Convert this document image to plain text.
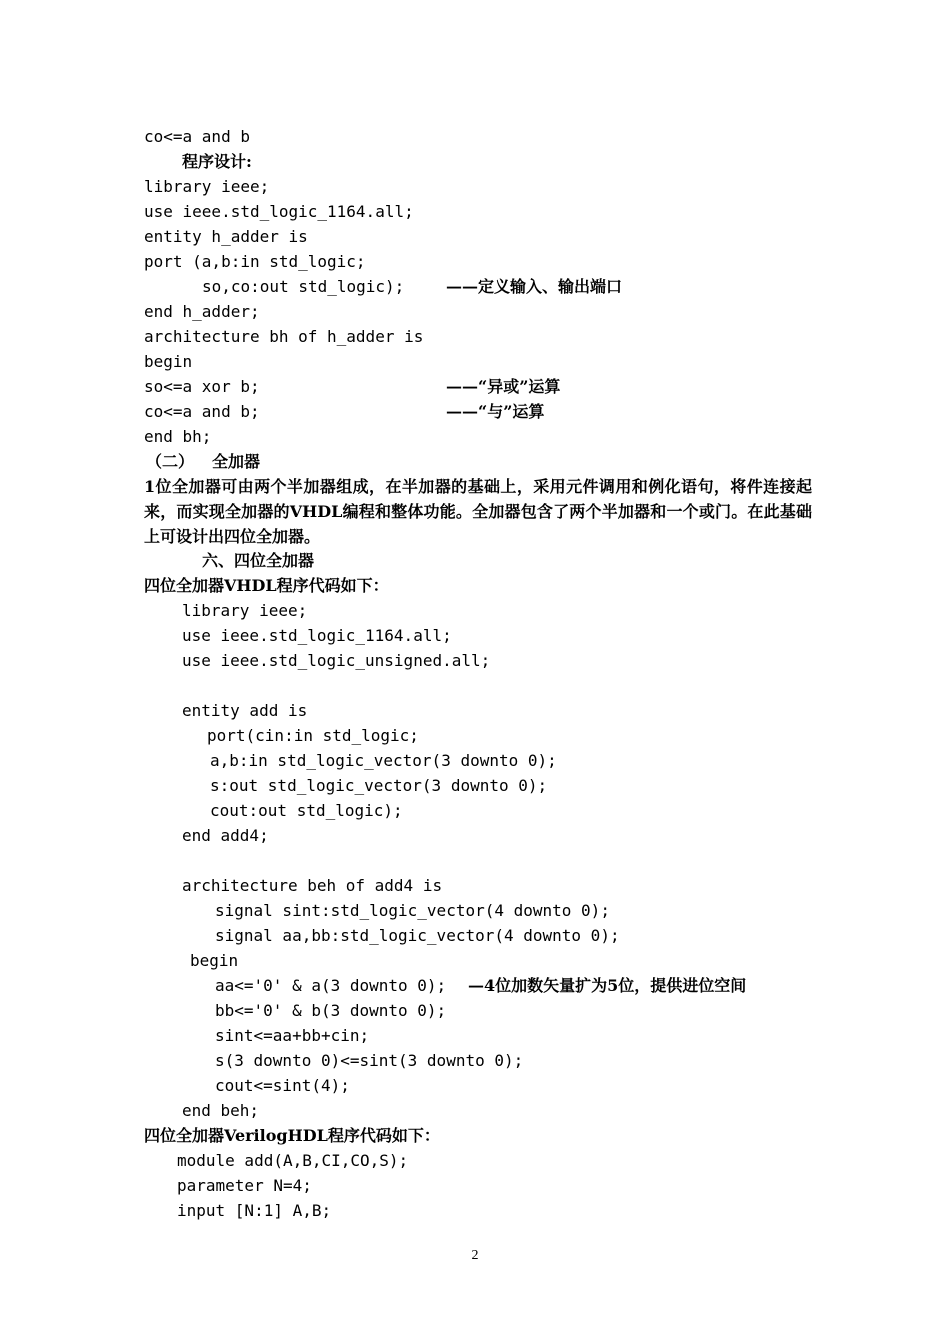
co<=a and b
程序设计:
library ieee;
use ieee.std_logic_1164.all;
entity h_adder is
port (a,b:in std_logic;
so,co:out std_logic);	——定义输入、输出端口
end h_adder;
architecture bh of h_adder is
begin
so<=a xor b;	——“异或”运算
co<=a and b;	——“与”运算
end bh;
（二） 全加器
1位全加器可由两个半加器组成，在半加器的基础上，采用元件调用和例化语句，将件连接起来，而实现全加器的VHDL编程和整体功能。全加器包含了两个半加器和一个或门。在此基础上可设计出四位全加器。
六、四位全加器
四位全加器VHDL程序代码如下：
library ieee;
use ieee.std_logic_1164.all;
use ieee.std_logic_unsigned.all;
entity add is
port(cin:in std_logic;
a,b:in std_logic_vector(3 downto 0);
s:out std_logic_vector(3 downto 0);
cout:out std_logic);
end add4;
architecture beh of add4 is
signal sint:std_logic_vector(4 downto 0);
signal aa,bb:std_logic_vector(4 downto 0);
begin
aa<='0' & a(3 downto 0); —4位加数矢量扩为5位，提供进位空间
bb<='0' & b(3 downto 0);
sint<=aa+bb+cin;
s(3 downto 0)<=sint(3 downto 0);
cout<=sint(4);
end beh;
四位全加器VerilogHDL程序代码如下：
module add(A,B,CI,CO,S);
parameter N=4;
input [N:1] A,B;
2
